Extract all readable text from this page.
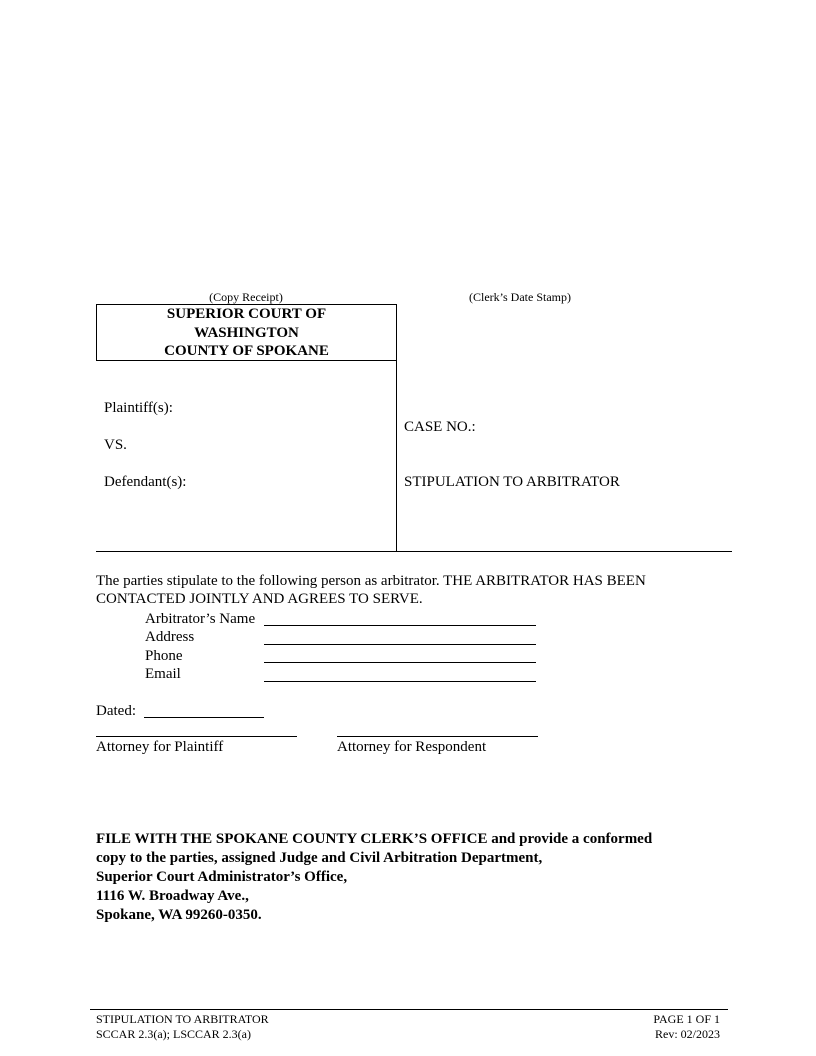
(Copy Receipt)	(Clerk’s Date Stamp)
SUPERIOR COURT OF
WASHINGTON
COUNTY OF SPOKANE
Plaintiff(s):
VS.
Defendant(s):
CASE NO.:
STIPULATION TO ARBITRATOR
The parties stipulate to the following person as arbitrator. THE ARBITRATOR HAS BEEN
CONTACTED JOINTLY AND AGREES TO SERVE.
Arbitrator’s Name
Address
Phone
Email
Dated:
Attorney for Plaintiff	Attorney for Respondent
FILE WITH THE SPOKANE COUNTY CLERK’S OFFICE and provide a conformed
copy to the parties, assigned Judge and Civil Arbitration Department,
Superior Court Administrator’s Office,
1116 W. Broadway Ave.,
Spokane, WA 99260-0350.
STIPULATION TO ARBITRATOR
SCCAR 2.3(a); LSCCAR 2.3(a)
PAGE 1 OF 1
Rev: 02/2023
